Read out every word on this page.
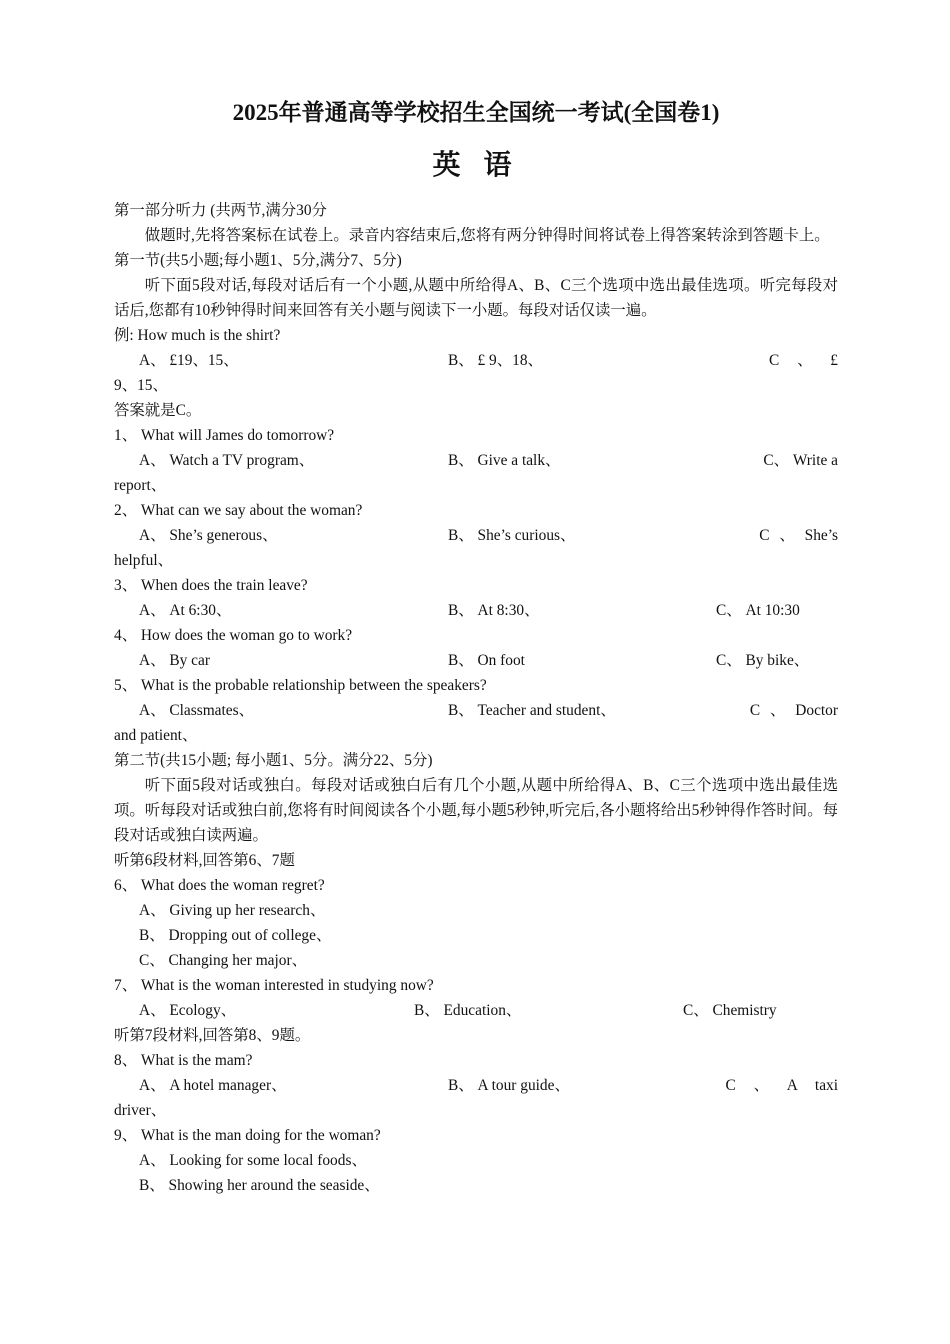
2025年普通高等学校招生全国统一考试(全国卷1)
英 语
第一部分听力 (共两节,满分30分
做题时,先将答案标在试卷上。录音内容结束后,您将有两分钟得时间将试卷上得答案转涂到答题卡上。
第一节(共5小题;每小题1、5分,满分7、5分)
听下面5段对话,每段对话后有一个小题,从题中所给得A、B、C三个选项中选出最佳选项。听完每段对话后,您都有10秒钟得时间来回答有关小题与阅读下一小题。每段对话仅读一遍。
例: How much is the shirt?
A、 £19、15、	B、 £ 9、18、	C 、 £
9、15、
答案就是C。
1、 What will James do tomorrow?
A、 Watch a TV program、	B、 Give a talk、	C、 Write a
report、
2、 What can we say about the woman?
A、 She’s generous、	B、 She’s curious、	C 、 She’s
helpful、
3、 When does the train leave?
A、 At 6:30、	B、 At 8:30、	C、 At 10:30
4、 How does the woman go to work?
A、 By car	B、 On foot	C、 By bike、
5、 What is the probable relationship between the speakers?
A、 Classmates、	B、 Teacher and student、	C 、 Doctor
and patient、
第二节(共15小题; 每小题1、5分。满分22、5分)
听下面5段对话或独白。每段对话或独白后有几个小题,从题中所给得A、B、C三个选项中选出最佳选项。听每段对话或独白前,您将有时间阅读各个小题,每小题5秒钟,听完后,各小题将给出5秒钟得作答时间。每段对话或独白读两遍。
听第6段材料,回答第6、7题
6、 What does the woman regret?
A、 Giving up her research、
B、 Dropping out of college、
C、 Changing her major、
7、 What is the woman interested in studying now?
A、 Ecology、	B、 Education、	C、 Chemistry
听第7段材料,回答第8、9题。
8、 What is the mam?
A、 A hotel manager、	B、 A tour guide、	C 、 A taxi
driver、
9、 What is the man doing for the woman?
A、 Looking for some local foods、
B、 Showing her around the seaside、
